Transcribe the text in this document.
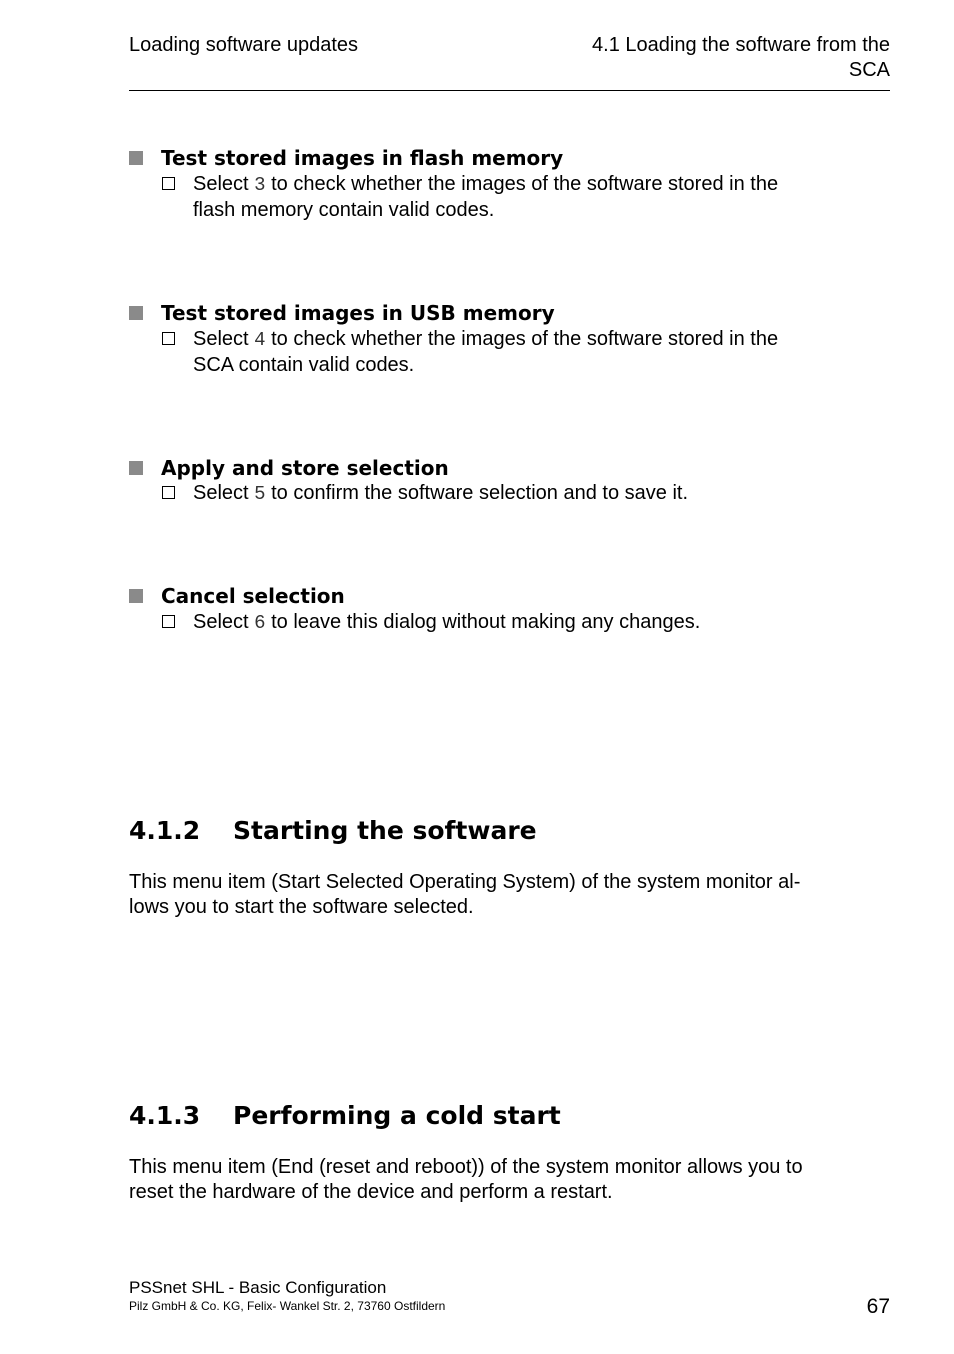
Loading software updates	4.1 Loading the software from the
SCA
Test stored images in flash memory
Select 3 to check whether the images of the software stored in the
flash memory contain valid codes.
Test stored images in USB memory
Select 4 to check whether the images of the software stored in the
SCA contain valid codes.
Apply and store selection
Select 5 to confirm the software selection and to save it.
Cancel selection
Select 6 to leave this dialog without making any changes.
4.1.2 Starting the software
This menu item (Start Selected Operating System) of the system monitor al-
lows you to start the software selected.
4.1.3 Performing a cold start
This menu item (End (reset and reboot)) of the system monitor allows you to
reset the hardware of the device and perform a restart.
PSSnet SHL - Basic Configuration
Pilz GmbH & Co. KG, Felix- Wankel Str. 2, 73760 Ostfildern	67
